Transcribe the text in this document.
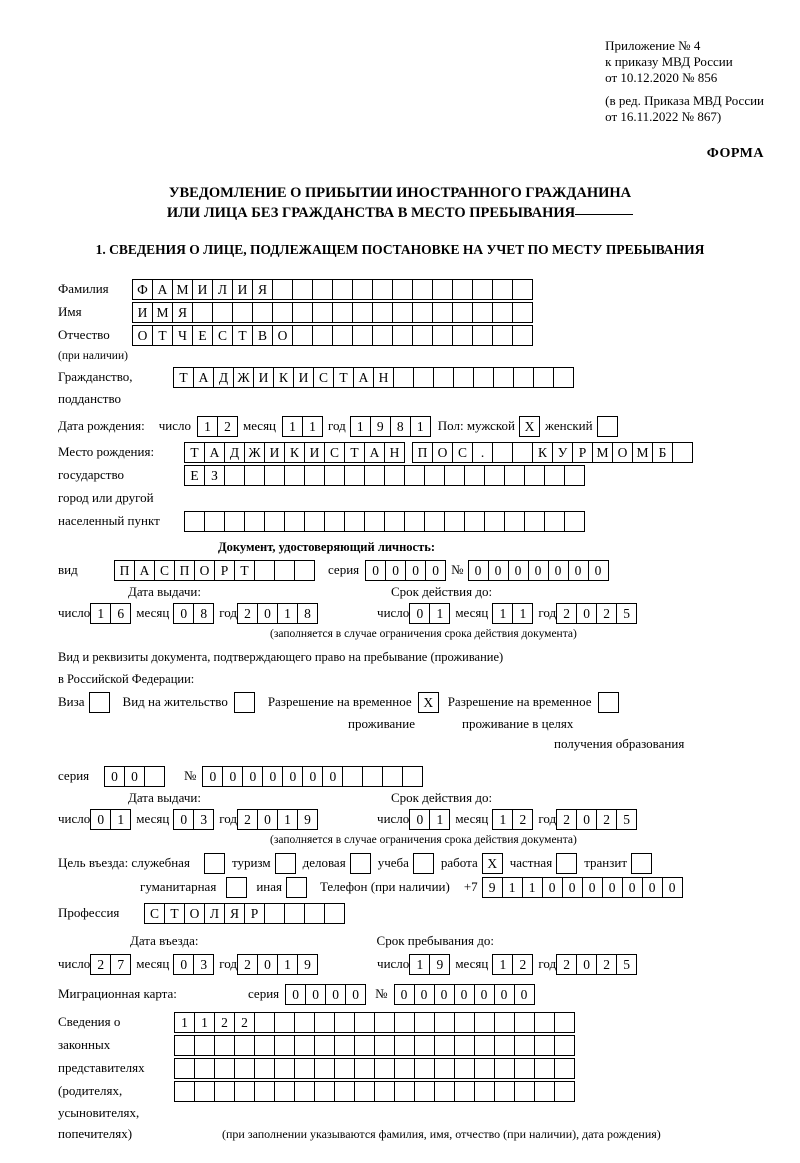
Приложение № 4
к приказу МВД России
от 10.12.2020 № 856
(в ред. Приказа МВД России
от 16.11.2022 № 867)
ФОРМА
УВЕДОМЛЕНИЕ О ПРИБЫТИИ ИНОСТРАННОГО ГРАЖДАНИНА
ИЛИ ЛИЦА БЕЗ ГРАЖДАНСТВА В МЕСТО ПРЕБЫВАНИЯ
1. СВЕДЕНИЯ О ЛИЦЕ, ПОДЛЕЖАЩЕМ ПОСТАНОВКЕ НА УЧЕТ ПО МЕСТУ ПРЕБЫВАНИЯ
Фамилия	Ф А М И Л И Я
Имя	И М Я
Отчество	О Т Ч Е С Т В О
(при наличии)
Гражданство,	Т А Д Ж И К И С Т А Н
подданство
Дата рождения: число 1 2 месяц 1 1 год 1 9 8 1	Пол: мужской X женский
Место рождения:	Т А Д Ж И К И С Т А Н	П О С	.	К У Р М О М Б
государство	Е З
город или другой
населенный пункт
Документ, удостоверяющий личность:
вид	П А С П О Р Т	серия 0 0 0 0 № 0 0 0 0 0 0 0
Дата выдачи:	Срок действия до:
число 1 6 месяц 0 8 год 2 0 1 8	число 0 1 месяц 1 1 год 2 0 2 5
(заполняется в случае ограничения срока действия документа)
Вид и реквизиты документа, подтверждающего право на пребывание (проживание)
в Российской Федерации:
Виза	Вид на жительство	Разрешение на временное X	Разрешение на временное
проживание	проживание в целях
получения образования
серия	0 0	№ 0 0 0 0 0 0 0
Дата выдачи:	Срок действия до:
число 0 1 месяц 0 3 год 2 0 1 9	число 0 1 месяц 1 2 год 2 0 2 5
(заполняется в случае ограничения срока действия документа)
Цель въезда: служебная	туризм деловая учеба работа X частная транзит
гуманитарная	иная	Телефон (при наличии) +7 9 1 1 0 0 0 0 0 0 0
Профессия	С Т О Л Я Р
Дата въезда:	Срок пребывания до:
число 2 7 месяц 0 3 год 2 0 1 9	число 1 9 месяц 1 2 год 2 0 2 5
Миграционная карта:	серия 0 0 0 0	№ 0 0 0 0 0 0 0
Сведения о	1 1 2 2
законных
представителях
(родителях,
усыновителях,
попечителях)	(при заполнении указываются фамилия, имя, отчество (при наличии), дата рождения)
